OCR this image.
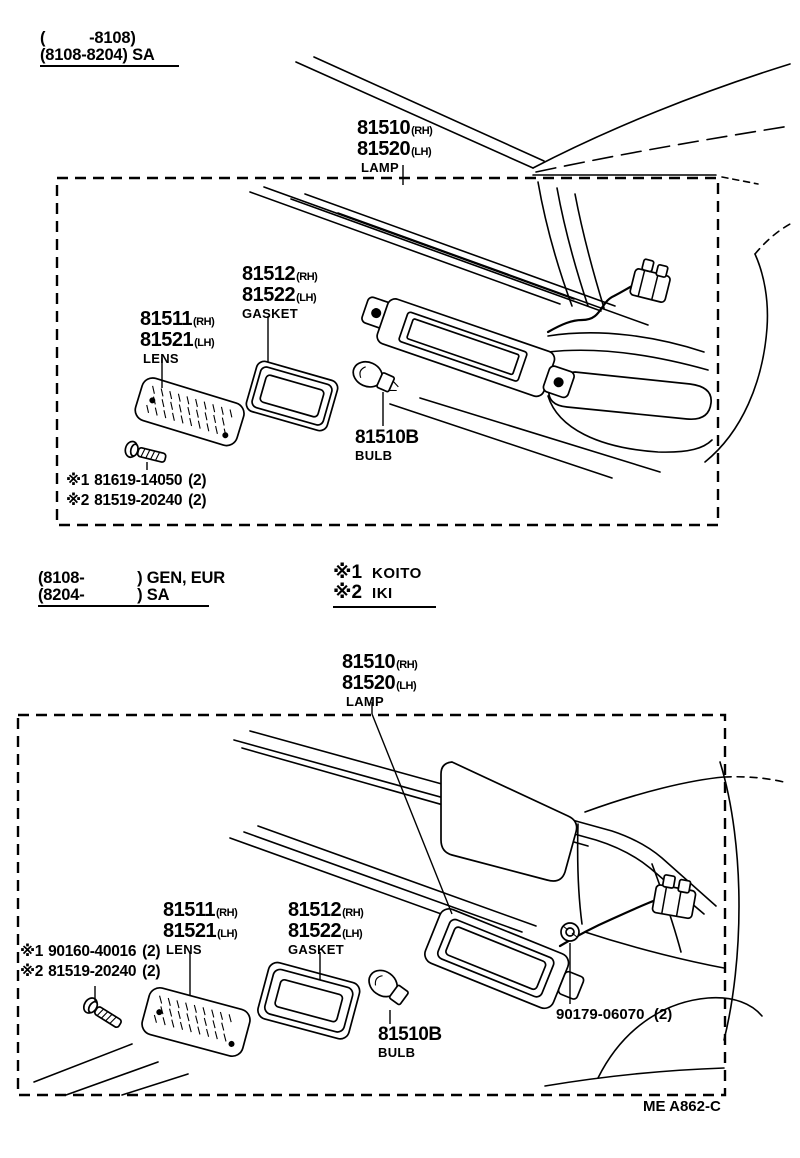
(          -8108)
(8108-8204) SA
81510 (RH)
81520 (LH)
LAMP
81512 (RH)
81522 (LH)
GASKET
81511 (RH)
81521 (LH)
LENS
81510B
BULB
※1 81619-14050 (2)
※2 81519-20240 (2)
(8108-            ) GEN, EUR
(8204-            ) SA
※1 KOITO
※2 IKI
81510 (RH)
81520 (LH)
LAMP
81511 (RH)
81521 (LH)
LENS
81512 (RH)
81522 (LH)
GASKET
※1 90160-40016 (2)
※2 81519-20240 (2)
81510B
BULB
90179-06070 (2)
ME A862-C
